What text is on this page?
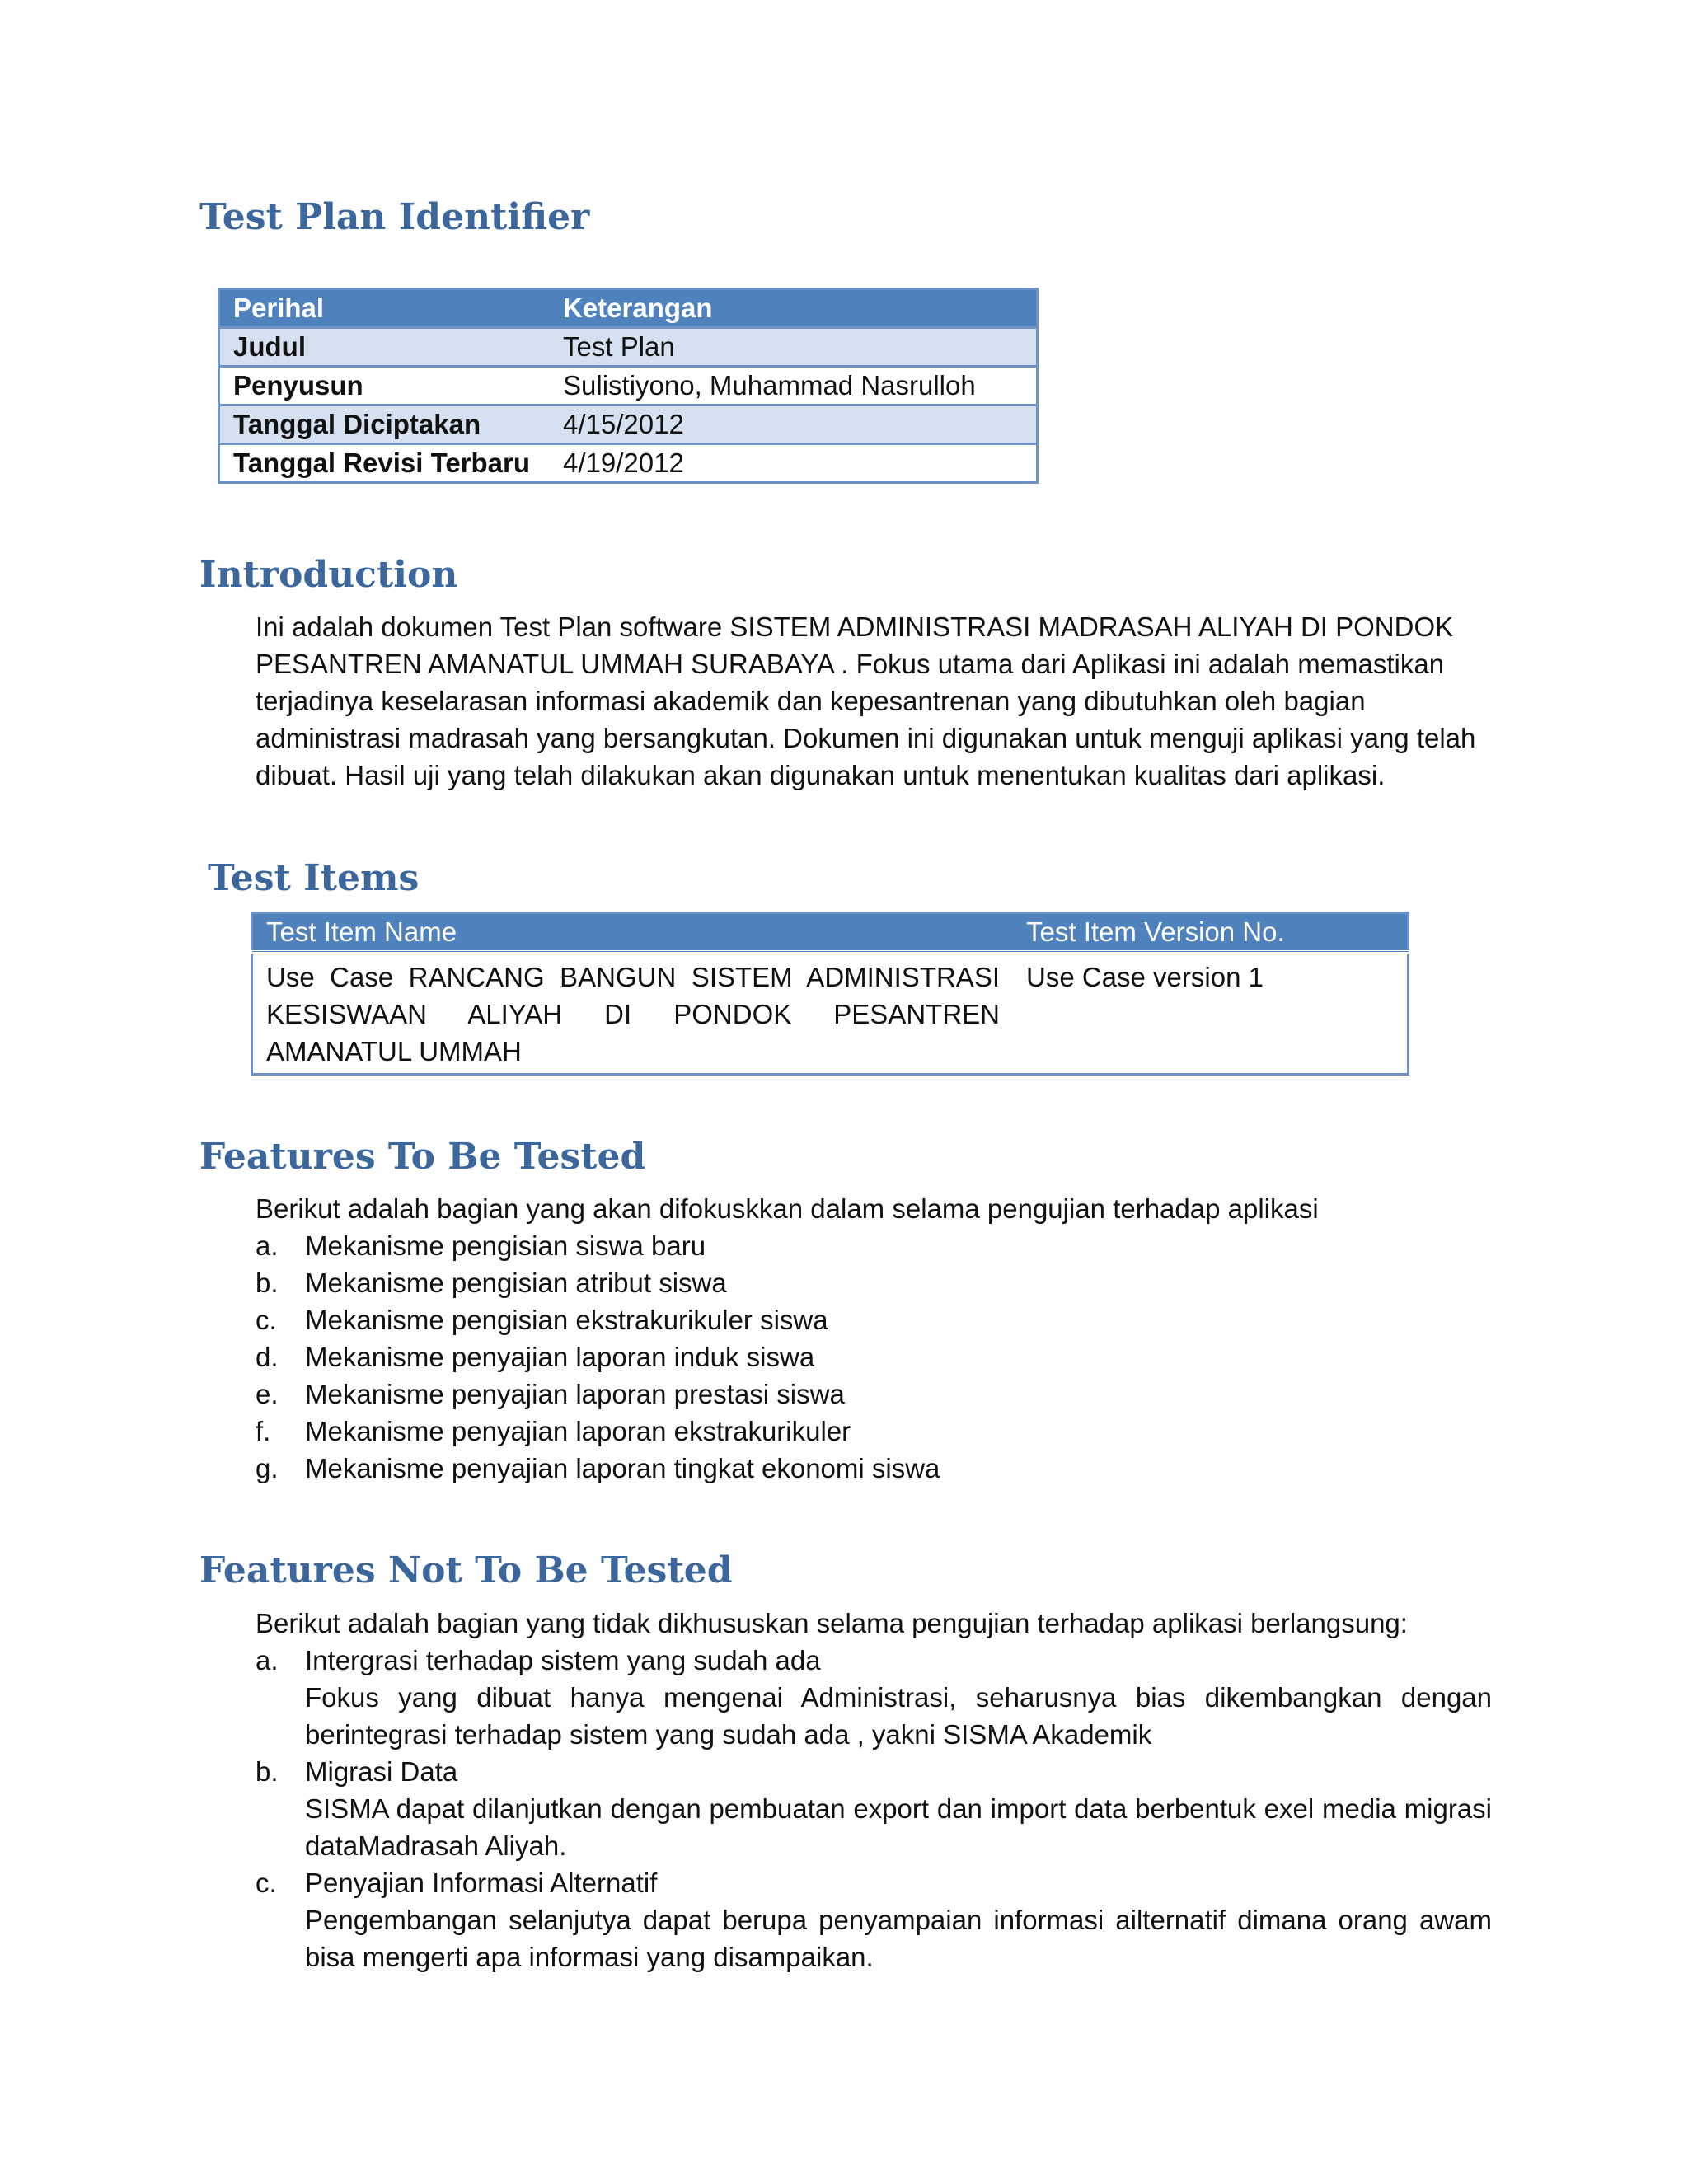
Test Plan Identifier
Perihal	Keterangan
Judul	Test Plan
Penyusun	Sulistiyono, Muhammad Nasrulloh
Tanggal Diciptakan	4/15/2012
Tanggal Revisi Terbaru	4/19/2012
Introduction

Ini adalah dokumen Test Plan software SISTEM ADMINISTRASI MADRASAH ALIYAH DI PONDOK PESANTREN AMANATUL UMMAH SURABAYA . Fokus utama dari Aplikasi ini adalah memastikan terjadinya keselarasan informasi akademik dan kepesantrenan yang dibutuhkan oleh bagian administrasi madrasah yang bersangkutan. Dokumen ini digunakan untuk menguji aplikasi yang telah dibuat. Hasil uji yang telah dilakukan akan digunakan untuk menentukan kualitas dari aplikasi.

Test Items
Test Item Name	Test Item Version No.
Use Case RANCANG BANGUN SISTEM ADMINISTRASI KESISWAAN ALIYAH DI PONDOK PESANTREN AMANATUL UMMAH	Use Case version 1
Features To Be Tested

Berikut adalah bagian yang akan difokuskkan dalam selama pengujian terhadap aplikasi

a. Mekanisme pengisian siswa baru
b. Mekanisme pengisian atribut siswa
c. Mekanisme pengisian ekstrakurikuler siswa
d. Mekanisme penyajian laporan induk siswa
e. Mekanisme penyajian laporan prestasi siswa
f. Mekanisme penyajian laporan ekstrakurikuler
g. Mekanisme penyajian laporan tingkat ekonomi siswa
Features Not To Be Tested

Berikut adalah bagian yang tidak dikhususkan selama pengujian terhadap aplikasi berlangsung:

a. Intergrasi terhadap sistem yang sudah ada
Fokus yang dibuat hanya mengenai Administrasi, seharusnya bias dikembangkan dengan berintegrasi terhadap sistem yang sudah ada , yakni SISMA Akademik
b. Migrasi Data
SISMA dapat dilanjutkan dengan pembuatan export dan import data berbentuk exel media migrasi dataMadrasah Aliyah.
c. Penyajian Informasi Alternatif
Pengembangan selanjutya dapat berupa penyampaian informasi ailternatif dimana orang awam bisa mengerti apa informasi yang disampaikan.
